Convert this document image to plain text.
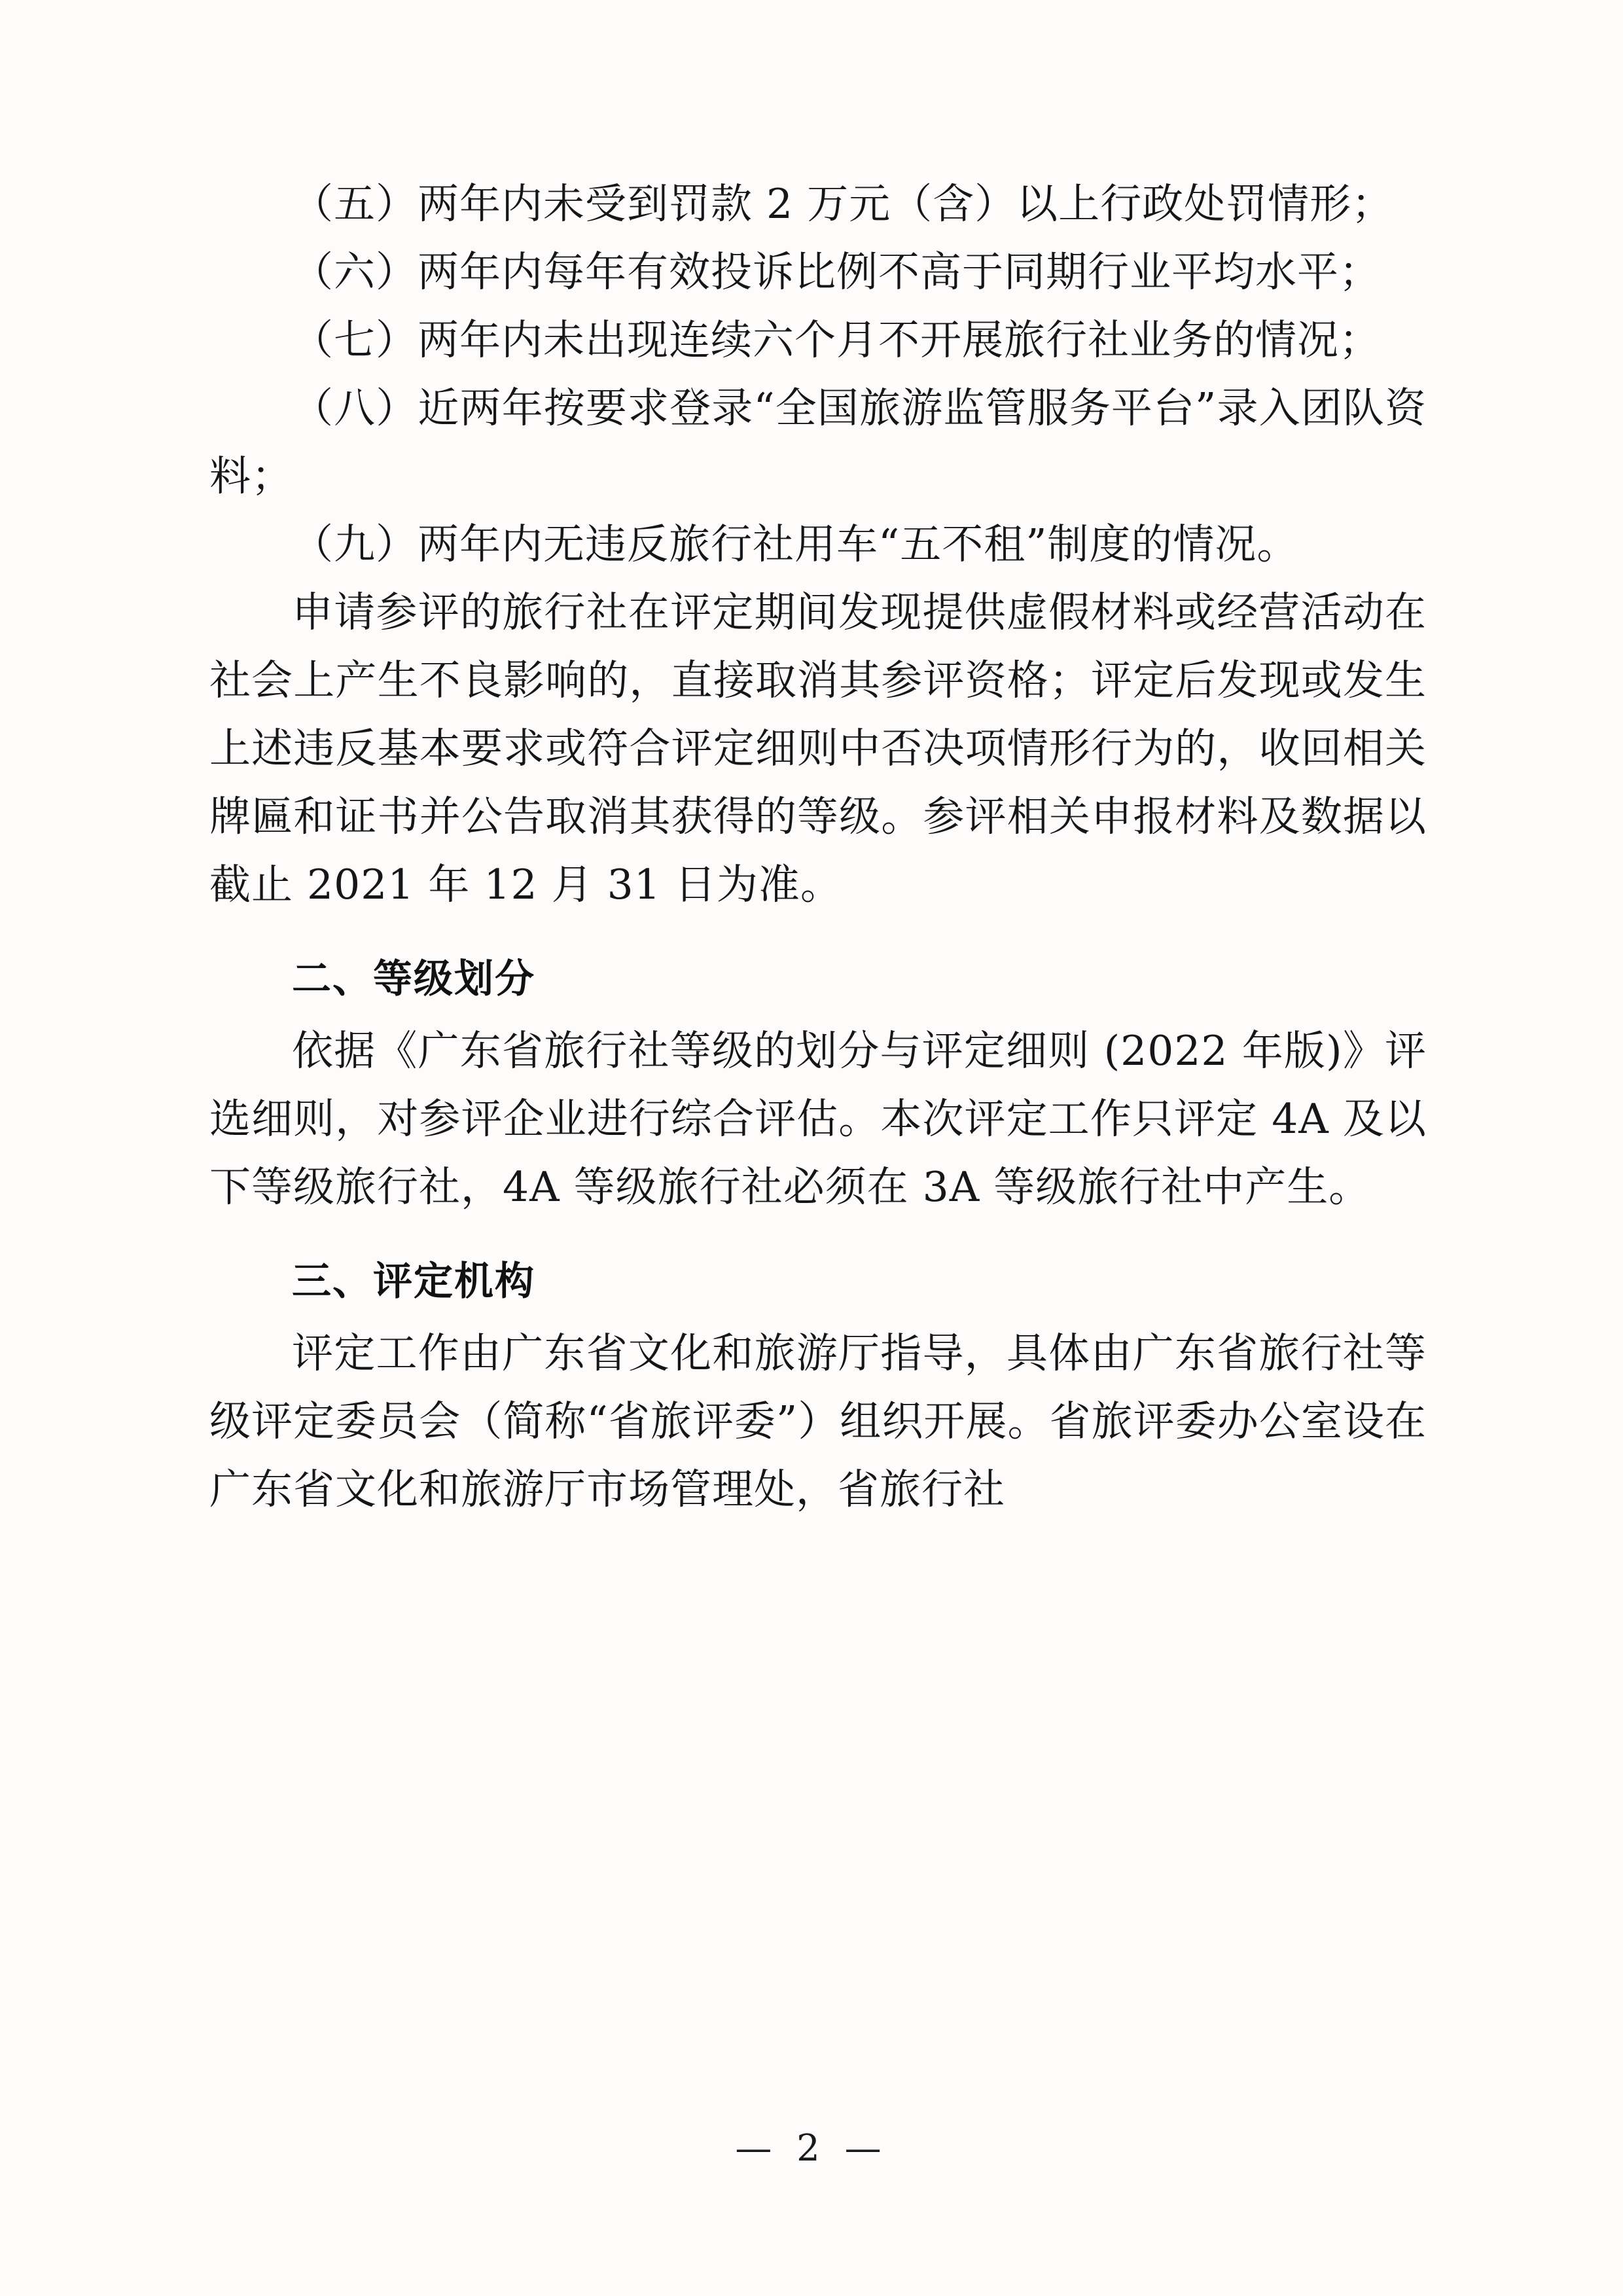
（五）两年内未受到罚款 2 万元（含）以上行政处罚情形；

（六）两年内每年有效投诉比例不高于同期行业平均水平；

（七）两年内未出现连续六个月不开展旅行社业务的情况；

（八）近两年按要求登录“全国旅游监管服务平台”录入团队资料；

（九）两年内无违反旅行社用车“五不租”制度的情况。

申请参评的旅行社在评定期间发现提供虚假材料或经营活动在社会上产生不良影响的，直接取消其参评资格；评定后发现或发生上述违反基本要求或符合评定细则中否决项情形行为的，收回相关牌匾和证书并公告取消其获得的等级。参评相关申报材料及数据以截止 2021 年 12 月 31 日为准。

二、等级划分

依据《广东省旅行社等级的划分与评定细则 (2022 年版)》评选细则，对参评企业进行综合评估。本次评定工作只评定 4A 及以下等级旅行社，4A 等级旅行社必须在 3A 等级旅行社中产生。

三、评定机构

评定工作由广东省文化和旅游厅指导，具体由广东省旅行社等级评定委员会（简称“省旅评委”）组织开展。省旅评委办公室设在广东省文化和旅游厅市场管理处，省旅行社

— 2 —
